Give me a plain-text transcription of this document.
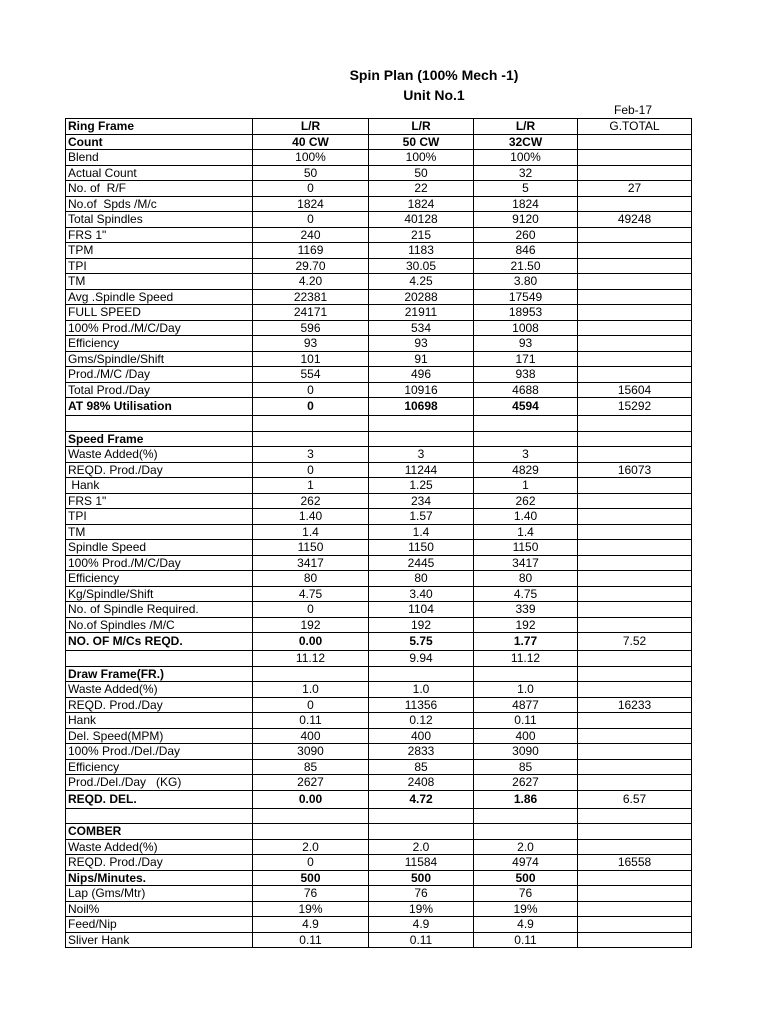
Spin Plan (100% Mech -1)
Unit No.1
Feb-17
Ring Frame	L/R	L/R	L/R	G.TOTAL
Count	40 CW	50 CW	32CW	
Blend	100%	100%	100%	
Actual Count	50	50	32	
No. of  R/F	0	22	5	27
No.of  Spds /M/c	1824	1824	1824	
Total Spindles	0	40128	9120	49248
FRS 1"	240	215	260	
TPM	1169	1183	846	
TPI	29.70	30.05	21.50	
TM	4.20	4.25	3.80	
Avg .Spindle Speed	22381	20288	17549	
FULL SPEED	24171	21911	18953	
100% Prod./M/C/Day	596	534	1008	
Efficiency	93	93	93	
Gms/Spindle/Shift	101	91	171	
Prod./M/C /Day	554	496	938	
Total Prod./Day	0	10916	4688	15604
AT 98% Utilisation	0	10698	4594	15292

Speed Frame				
Waste Added(%)	3	3	3	
REQD. Prod./Day	0	11244	4829	16073
Hank	1	1.25	1	
FRS 1"	262	234	262	
TPI	1.40	1.57	1.40	
TM	1.4	1.4	1.4	
Spindle Speed	1150	1150	1150	
100% Prod./M/C/Day	3417	2445	3417	
Efficiency	80	80	80	
Kg/Spindle/Shift	4.75	3.40	4.75	
No. of Spindle Required.	0	1104	339	
No.of Spindles /M/C	192	192	192	
NO. OF M/Cs REQD.	0.00	5.75	1.77	7.52
	11.12	9.94	11.12	
Draw Frame(FR.)				
Waste Added(%)	1.0	1.0	1.0	
REQD. Prod./Day	0	11356	4877	16233
Hank	0.11	0.12	0.11	
Del. Speed(MPM)	400	400	400	
100% Prod./Del./Day	3090	2833	3090	
Efficiency	85	85	85	
Prod./Del./Day   (KG)	2627	2408	2627	
REQD. DEL.	0.00	4.72	1.86	6.57

COMBER				
Waste Added(%)	2.0	2.0	2.0	
REQD. Prod./Day	0	11584	4974	16558
Nips/Minutes.	500	500	500	
Lap (Gms/Mtr)	76	76	76	
Noil%	19%	19%	19%	
Feed/Nip	4.9	4.9	4.9	
Sliver Hank	0.11	0.11	0.11	
